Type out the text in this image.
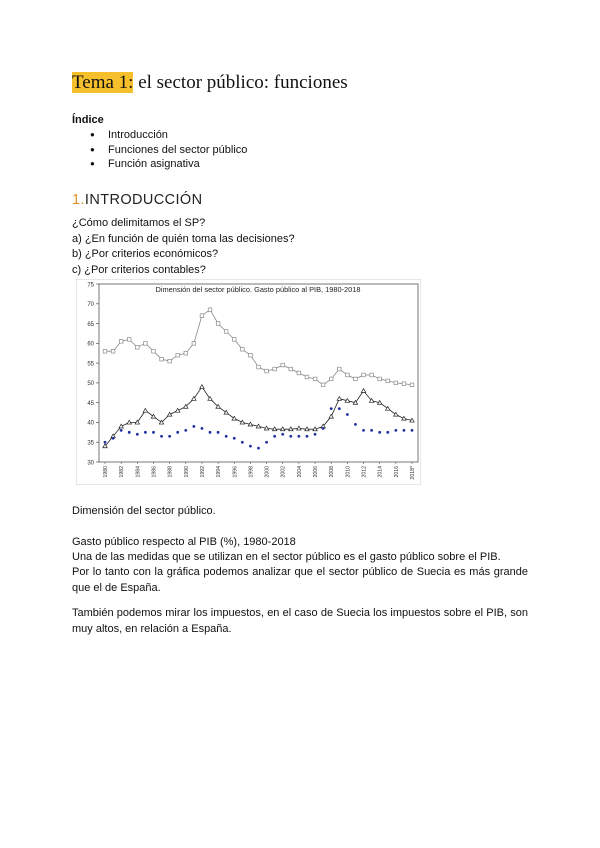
Tema 1: el sector público: funciones
Índice
● Introducción
● Funciones del sector público
● Función asignativa
1.INTRODUCCIÓN
¿Cómo delimitamos el SP?
a) ¿En función de quién toma las decisiones?
b) ¿Por criterios económicos?
c) ¿Por criterios contables?
30
35
40
45
50
55
60
65
70
75
1980 1982 1984 1986 1988 1990 1992 1994 1996 1998 2000 2002 2004 2006 2008 2010 2012 2014 2016 2018*
Dimensión del sector público. Gasto público al PIB, 1980-2018
Dimensión del sector público.
Gasto público respecto al PIB (%), 1980-2018
Una de las medidas que se utilizan en el sector público es el gasto público sobre el PIB.
Por lo tanto con la gráfica podemos analizar que el sector público de Suecia es más grande que el de España.
También podemos mirar los impuestos, en el caso de Suecia los impuestos sobre el PIB, son muy altos, en relación a España.
